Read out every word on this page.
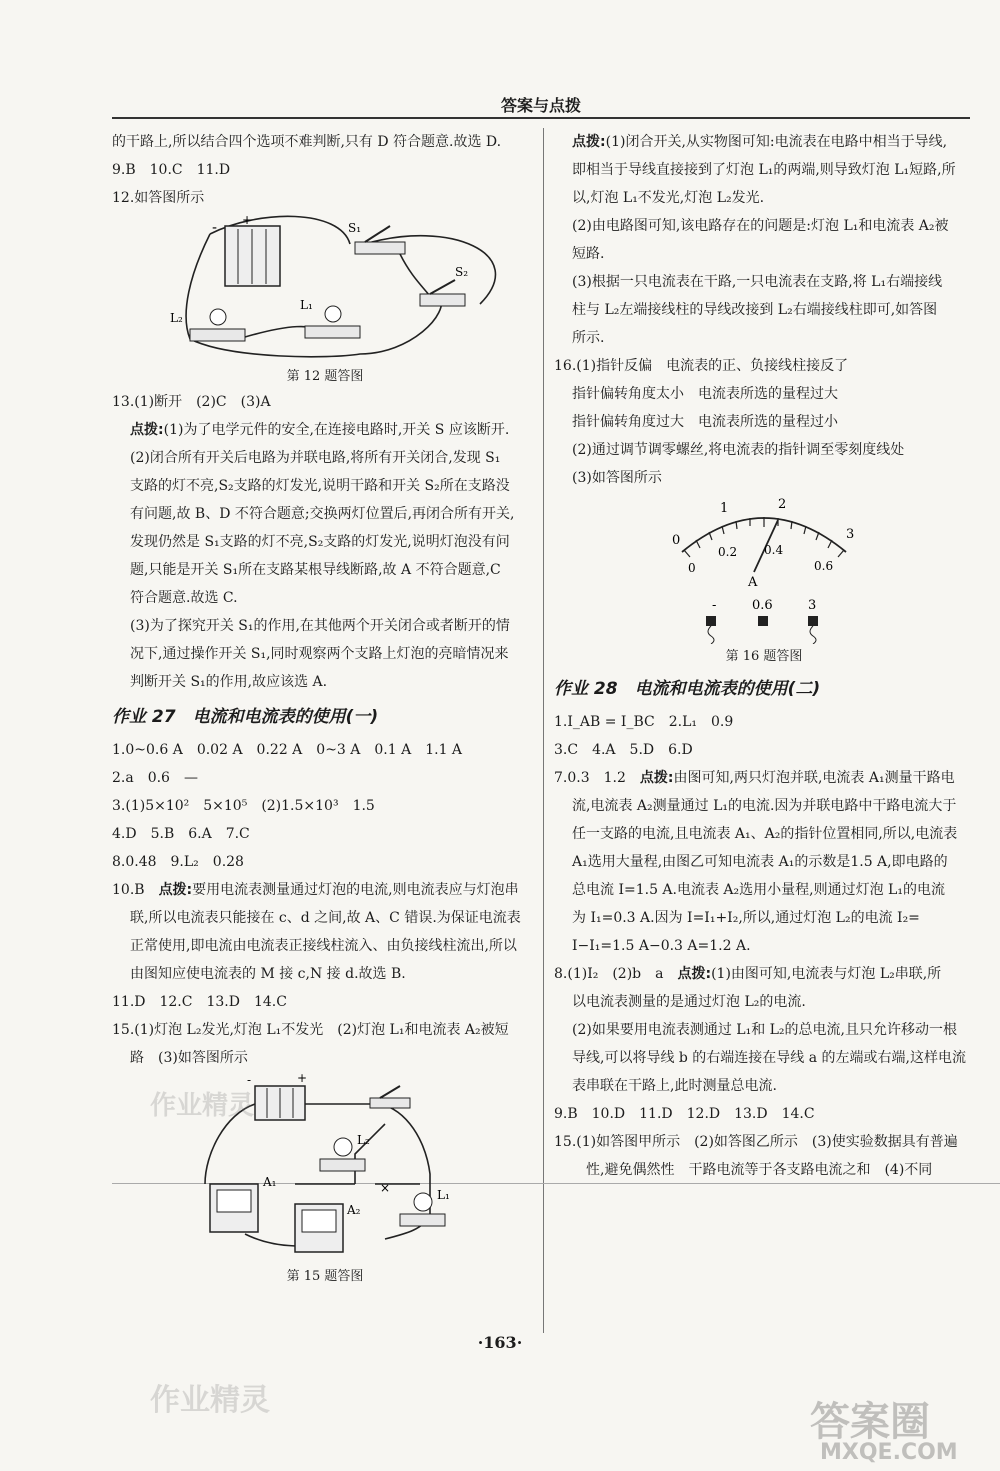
答案与点拨

的干路上,所以结合四个选项不难判断,只有 D 符合题意.故选 D.

9.B　10.C　11.D

12.如答图所示

- +
S₁
S₂
L₂
L₁
第 12 题答图

13.(1)断开　(2)C　(3)A

点拨:(1)为了电学元件的安全,在连接电路时,开关 S 应该断开.

(2)闭合所有开关后电路为并联电路,将所有开关闭合,发现 S₁

支路的灯不亮,S₂支路的灯发光,说明干路和开关 S₂所在支路没

有问题,故 B、D 不符合题意;交换两灯位置后,再闭合所有开关,

发现仍然是 S₁支路的灯不亮,S₂支路的灯发光,说明灯泡没有问

题,只能是开关 S₁所在支路某根导线断路,故 A 不符合题意,C

符合题意.故选 C.

(3)为了探究开关 S₁的作用,在其他两个开关闭合或者断开的情

况下,通过操作开关 S₁,同时观察两个支路上灯泡的亮暗情况来

判断开关 S₁的作用,故应该选 A.

作业 27　电流和电流表的使用(一)

1.0~0.6 A　0.02 A　0.22 A　0~3 A　0.1 A　1.1 A

2.a　0.6　—

3.(1)5×10²　5×10⁵　(2)1.5×10³　1.5

4.D　5.B　6.A　7.C

8.0.48　9.L₂　0.28

10.B　点拨:要用电流表测量通过灯泡的电流,则电流表应与灯泡串

联,所以电流表只能接在 c、d 之间,故 A、C 错误.为保证电流表

正常使用,即电流由电流表正接线柱流入、由负接线柱流出,所以

由图知应使电流表的 M 接 c,N 接 d.故选 B.

11.D　12.C　13.D　14.C

15.(1)灯泡 L₂发光,灯泡 L₁不发光　(2)灯泡 L₁和电流表 A₂被短

路　(3)如答图所示

×
-	+
L₂
L₁
A₁
A₂
第 15 题答图

点拨:(1)闭合开关,从实物图可知:电流表在电路中相当于导线,

即相当于导线直接接到了灯泡 L₁的两端,则导致灯泡 L₁短路,所

以,灯泡 L₁不发光,灯泡 L₂发光.

(2)由电路图可知,该电路存在的问题是:灯泡 L₁和电流表 A₂被

短路.

(3)根据一只电流表在干路,一只电流表在支路,将 L₁右端接线

柱与 L₂左端接线柱的导线改接到 L₂右端接线柱即可,如答图

所示.

16.(1)指针反偏　电流表的正、负接线柱接反了

指针偏转角度太小　电流表所选的量程过大

指针偏转角度过大　电流表所选的量程过小

(2)通过调节调零螺丝,将电流表的指针调至零刻度线处

(3)如答图所示

0
1	2
3
0
0.2 0.4
0.6
A
-	0.6	3
第 16 题答图
作业 28　电流和电流表的使用(二)

1.I_AB = I_BC　2.L₁　0.9

3.C　4.A　5.D　6.D

7.0.3　1.2　点拨:由图可知,两只灯泡并联,电流表 A₁测量干路电

流,电流表 A₂测量通过 L₁的电流.因为并联电路中干路电流大于

任一支路的电流,且电流表 A₁、A₂的指针位置相同,所以,电流表

A₁选用大量程,由图乙可知电流表 A₁的示数是1.5 A,即电路的

总电流 I=1.5 A.电流表 A₂选用小量程,则通过灯泡 L₁的电流

为 I₁=0.3 A.因为 I=I₁+I₂,所以,通过灯泡 L₂的电流 I₂=

I−I₁=1.5 A−0.3 A=1.2 A.

8.(1)I₂　(2)b　a　点拨:(1)由图可知,电流表与灯泡 L₂串联,所

以电流表测量的是通过灯泡 L₂的电流.

(2)如果要用电流表测通过 L₁和 L₂的总电流,且只允许移动一根

导线,可以将导线 b 的右端连接在导线 a 的左端或右端,这样电流

表串联在干路上,此时测量总电流.

9.B　10.D　11.D　12.D　13.D　14.C

15.(1)如答图甲所示　(2)如答图乙所示　(3)使实验数据具有普遍

性,避免偶然性　干路电流等于各支路电流之和　(4)不同

·163·
作业精灵
作业精灵	答案圈
MXQE.COM
